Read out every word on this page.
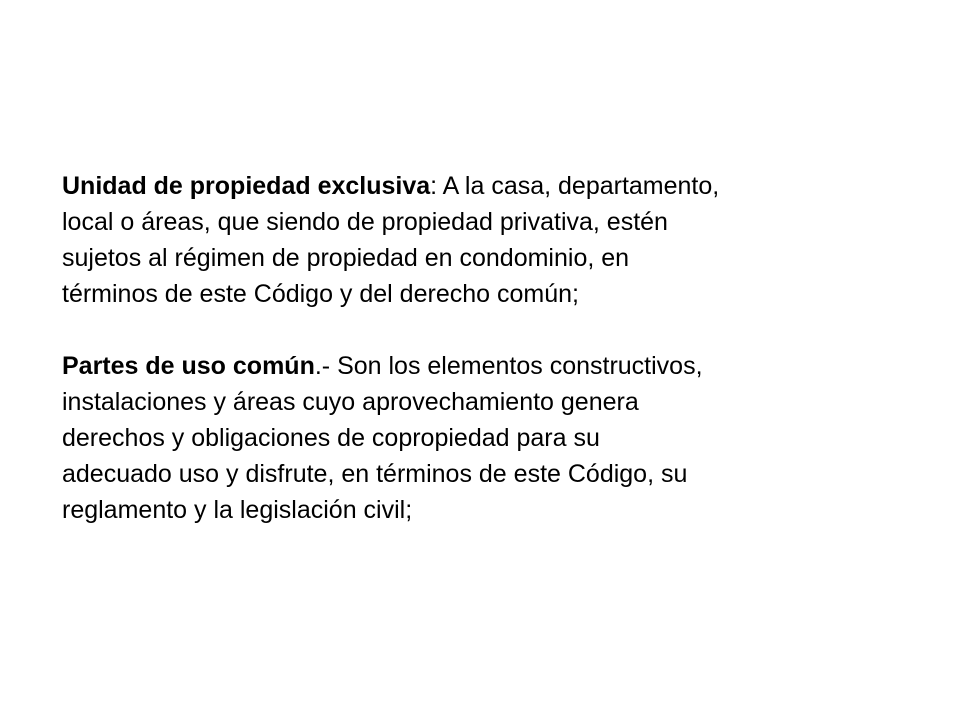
Unidad de propiedad exclusiva: A la casa, departamento,
local o áreas, que siendo de propiedad privativa, estén
sujetos al régimen de propiedad en condominio, en
términos de este Código y del derecho común;

Partes de uso común.- Son los elementos constructivos,
instalaciones y áreas cuyo aprovechamiento genera
derechos y obligaciones de copropiedad para su
adecuado uso y disfrute, en términos de este Código, su
reglamento y la legislación civil;
